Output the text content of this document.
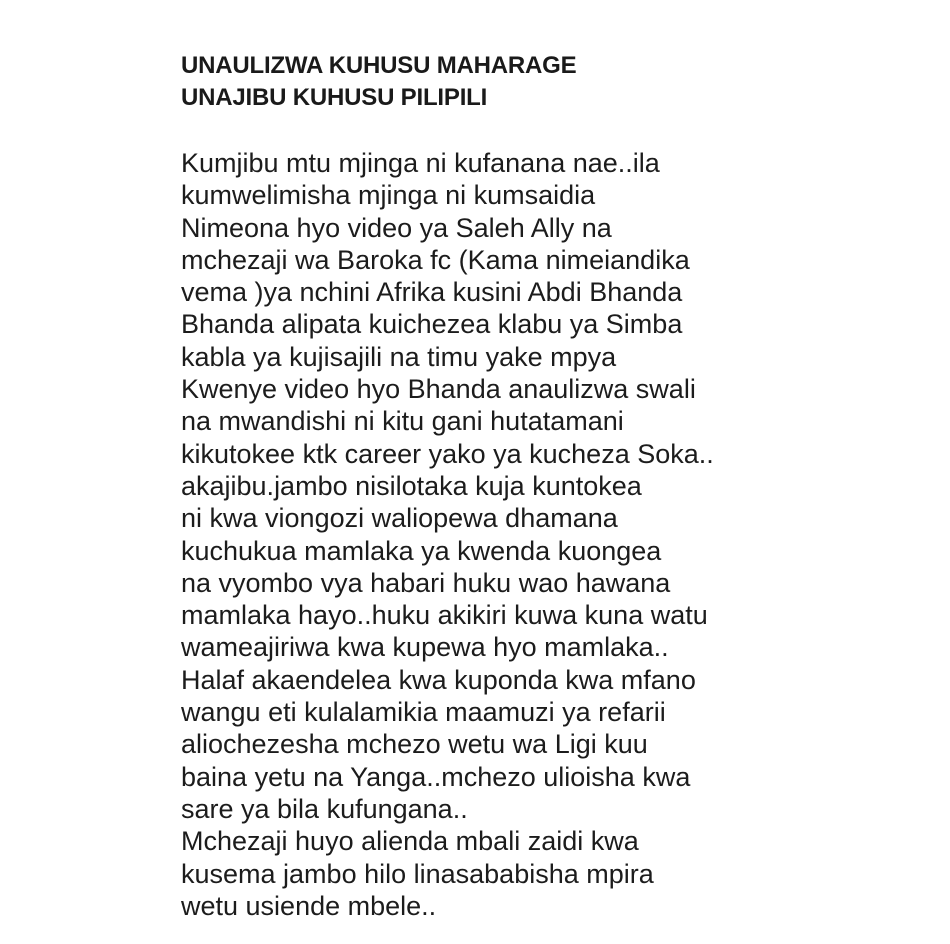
UNAULIZWA KUHUSU MAHARAGE
UNAJIBU KUHUSU PILIPILI
Kumjibu mtu mjinga ni kufanana nae..ila
kumwelimisha mjinga ni kumsaidia
Nimeona hyo video ya Saleh Ally na
mchezaji wa Baroka fc (Kama nimeiandika
vema )ya nchini Afrika kusini Abdi Bhanda
Bhanda alipata kuichezea klabu ya Simba
kabla ya kujisajili na timu yake mpya
Kwenye video hyo Bhanda anaulizwa swali
na mwandishi ni kitu gani hutatamani
kikutokee ktk career yako ya kucheza Soka..
akajibu.jambo nisilotaka kuja kuntokea
ni kwa viongozi waliopewa dhamana
kuchukua mamlaka ya kwenda kuongea
na vyombo vya habari huku wao hawana
mamlaka hayo..huku akikiri kuwa kuna watu
wameajiriwa kwa kupewa hyo mamlaka..
Halaf akaendelea kwa kuponda kwa mfano
wangu eti kulalamikia maamuzi ya refarii
aliochezesha mchezo wetu wa Ligi kuu
baina yetu na Yanga..mchezo ulioisha kwa
sare ya bila kufungana..
Mchezaji huyo aliendа mbali zaidi kwa
kusema jambo hilo linasababisha mpira
wetu usiende mbele..
